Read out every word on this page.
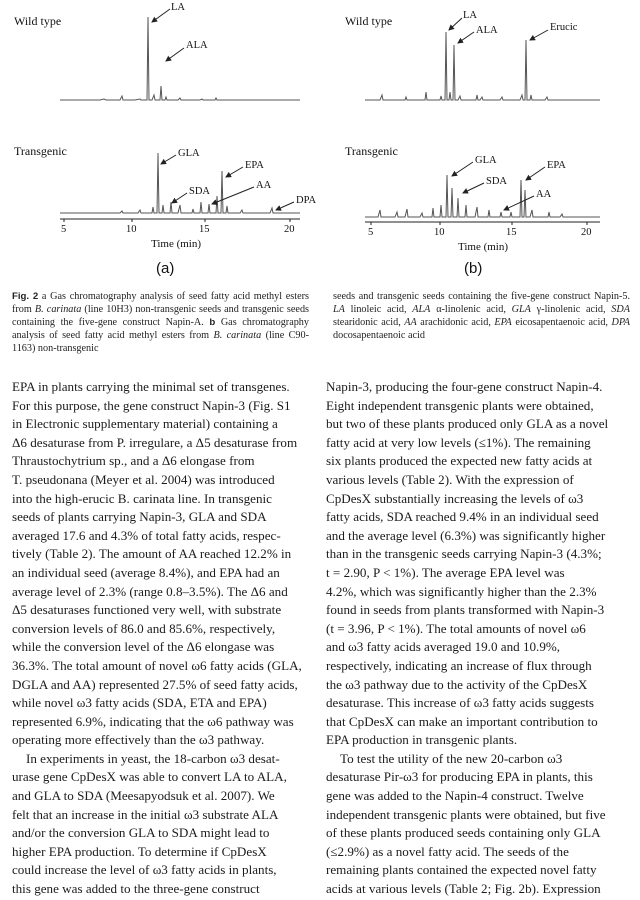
Wild type
Transgenic
LA
ALA
GLA
EPA
SDA
AA
DPA
5	10	15	20
Time (min)
(a)
Wild type
Transgenic
LA
ALA	Erucic
GLA
SDA
EPA
AA
5	10	15	20
Time (min)
(b)
Fig. 2 a Gas chromatography analysis of seed fatty acid methyl esters from B. carinata (line 10H3) non-transgenic seeds and transgenic seeds containing the five-gene construct Napin-A. b Gas chromatography analysis of seed fatty acid methyl esters from B. carinata (line C90-1163) non-transgenic
seeds and transgenic seeds containing the five-gene construct Napin-5. LA linoleic acid, ALA α-linolenic acid, GLA γ-linolenic acid, SDA stearidonic acid, AA arachidonic acid, EPA eicosapentaenoic acid, DPA docosapentaenoic acid
EPA in plants carrying the minimal set of transgenes.
For this purpose, the gene construct Napin-3 (Fig. S1
in Electronic supplementary material) containing a
Δ6 desaturase from P. irregulare, a Δ5 desaturase from
Thraustochytrium sp., and a Δ6 elongase from
T. pseudonana (Meyer et al. 2004) was introduced
into the high-erucic B. carinata line. In transgenic
seeds of plants carrying Napin-3, GLA and SDA
averaged 17.6 and 4.3% of total fatty acids, respec-
tively (Table 2). The amount of AA reached 12.2% in
an individual seed (average 8.4%), and EPA had an
average level of 2.3% (range 0.8–3.5%). The Δ6 and
Δ5 desaturases functioned very well, with substrate
conversion levels of 86.0 and 85.6%, respectively,
while the conversion level of the Δ6 elongase was
36.3%. The total amount of novel ω6 fatty acids (GLA,
DGLA and AA) represented 27.5% of seed fatty acids,
while novel ω3 fatty acids (SDA, ETA and EPA)
represented 6.9%, indicating that the ω6 pathway was
operating more effectively than the ω3 pathway.
In experiments in yeast, the 18-carbon ω3 desat-
urase gene CpDesX was able to convert LA to ALA,
and GLA to SDA (Meesapyodsuk et al. 2007). We
felt that an increase in the initial ω3 substrate ALA
and/or the conversion GLA to SDA might lead to
higher EPA production. To determine if CpDesX
could increase the level of ω3 fatty acids in plants,
this gene was added to the three-gene construct
Napin-3, producing the four-gene construct Napin-4.
Eight independent transgenic plants were obtained,
but two of these plants produced only GLA as a novel
fatty acid at very low levels (≤1%). The remaining
six plants produced the expected new fatty acids at
various levels (Table 2). With the expression of
CpDesX substantially increasing the levels of ω3
fatty acids, SDA reached 9.4% in an individual seed
and the average level (6.3%) was significantly higher
than in the transgenic seeds carrying Napin-3 (4.3%;
t = 2.90, P < 1%). The average EPA level was
4.2%, which was significantly higher than the 2.3%
found in seeds from plants transformed with Napin-3
(t = 3.96, P < 1%). The total amounts of novel ω6
and ω3 fatty acids averaged 19.0 and 10.9%,
respectively, indicating an increase of flux through
the ω3 pathway due to the activity of the CpDesX
desaturase. This increase of ω3 fatty acids suggests
that CpDesX can make an important contribution to
EPA production in transgenic plants.
To test the utility of the new 20-carbon ω3
desaturase Pir-ω3 for producing EPA in plants, this
gene was added to the Napin-4 construct. Twelve
independent transgenic plants were obtained, but five
of these plants produced seeds containing only GLA
(≤2.9%) as a novel fatty acid. The seeds of the
remaining plants contained the expected novel fatty
acids at various levels (Table 2; Fig. 2b). Expression
